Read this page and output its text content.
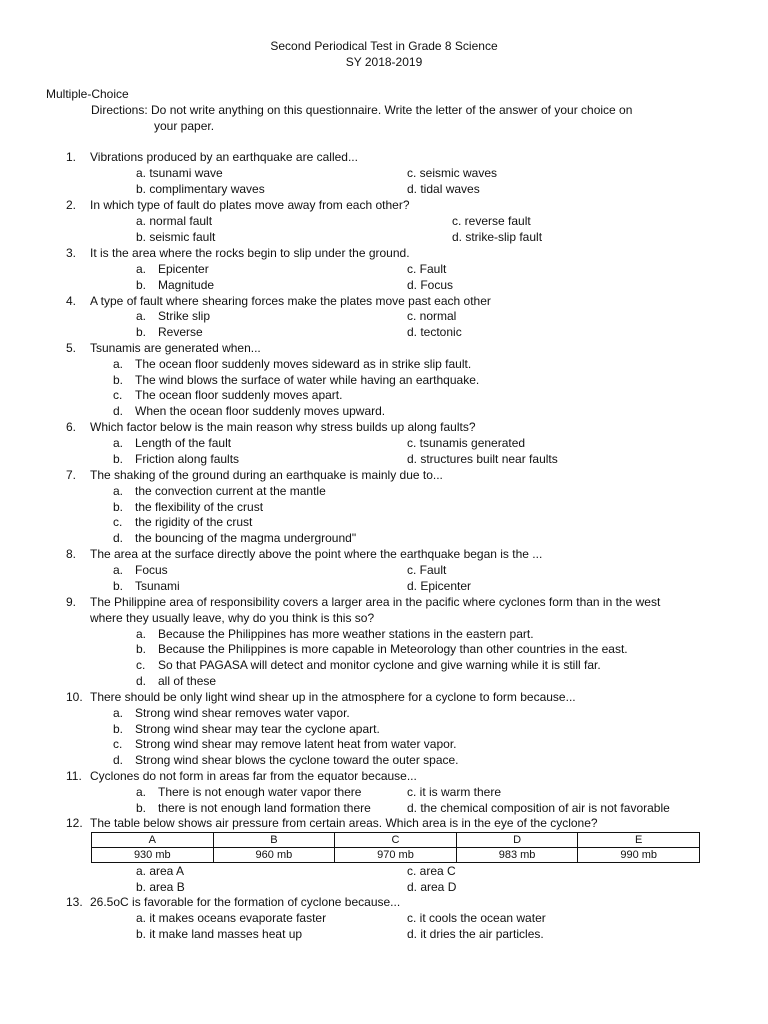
Second Periodical Test in Grade 8 Science
SY 2018-2019
Multiple-Choice
Directions: Do not write anything on this questionnaire. Write the letter of the answer of your choice on
your paper.
1. Vibrations produced by an earthquake are called...
a. tsunami wave	c. seismic waves
b. complimentary waves	d. tidal waves
2. In which type of fault do plates move away from each other?
a. normal fault	c. reverse fault
b. seismic fault	d. strike-slip fault
3. It is the area where the rocks begin to slip under the ground.
a. Epicenter	c. Fault
b. Magnitude	d. Focus
4. A type of fault where shearing forces make the plates move past each other
a. Strike slip	c. normal
b. Reverse	d. tectonic
5. Tsunamis are generated when...
a. The ocean floor suddenly moves sideward as in strike slip fault.
b. The wind blows the surface of water while having an earthquake.
c. The ocean floor suddenly moves apart.
d. When the ocean floor suddenly moves upward.
6. Which factor below is the main reason why stress builds up along faults?
a. Length of the fault	c. tsunamis generated
b. Friction along faults	d. structures built near faults
7. The shaking of the ground during an earthquake is mainly due to...
a. the convection current at the mantle
b. the flexibility of the crust
c. the rigidity of the crust
d. the bouncing of the magma underground"
8. The area at the surface directly above the point where the earthquake began is the ...
a. Focus	c. Fault
b. Tsunami	d. Epicenter
9. The Philippine area of responsibility covers a larger area in the pacific where cyclones form than in the west
where they usually leave, why do you think is this so?
a. Because the Philippines has more weather stations in the eastern part.
b. Because the Philippines is more capable in Meteorology than other countries in the east.
c. So that PAGASA will detect and monitor cyclone and give warning while it is still far.
d. all of these
10. There should be only light wind shear up in the atmosphere for a cyclone to form because...
a. Strong wind shear removes water vapor.
b. Strong wind shear may tear the cyclone apart.
c. Strong wind shear may remove latent heat from water vapor.
d. Strong wind shear blows the cyclone toward the outer space.
11. Cyclones do not form in areas far from the equator because...
a. There is not enough water vapor there	c. it is warm there
b. there is not enough land formation there	d. the chemical composition of air is not favorable
12. The table below shows air pressure from certain areas. Which area is in the eye of the cyclone?
A	B	C	D	E
930 mb	960 mb	970 mb	983 mb	990 mb
a. area A	c. area C
b. area B	d. area D
13. 26.5oC is favorable for the formation of cyclone because...
a. it makes oceans evaporate faster	c. it cools the ocean water
b. it make land masses heat up	d. it dries the air particles.
